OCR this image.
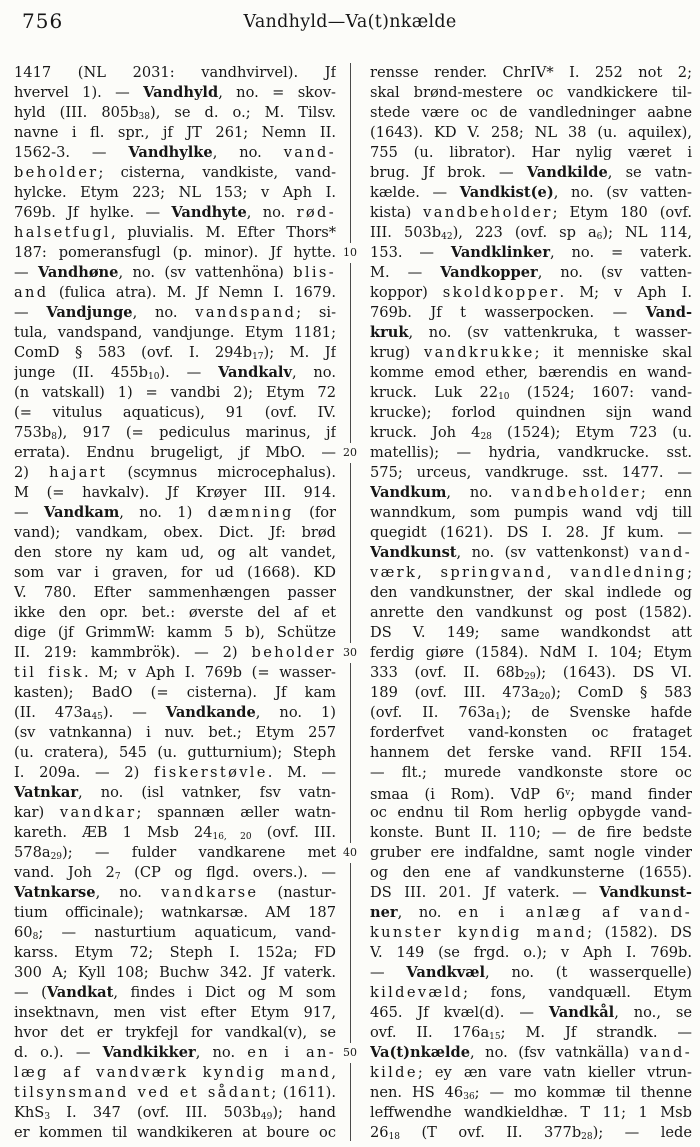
756	Vandhyld—Va(t)nkælde
1417 (NL 2031: vandhvirvel). Jf
hvervel 1). — Vandhyld, no. = skov-
hyld (III. 805b38), se d. o.; M. Tilsv.
navne i fl. spr., jf JT 261; Nemn II.
1562-3. — Vandhylke, no. vand-
beholder; cisterna, vandkiste, vand-
hylcke. Etym 223; NL 153; v Aph I.
769b. Jf hylke. — Vandhyte, no. rød-
halsetfugl, pluvialis. M. Efter Thors*
187: pomeransfugl (p. minor). Jf hytte.
— Vandhøne, no. (sv vattenhöna) blis-
and (fulica atra). M. Jf Nemn I. 1679.
— Vandjunge, no. vandspand; si-
tula, vandspand, vandjunge. Etym 1181;
ComD § 583 (ovf. I. 294b17); M. Jf
junge (II. 455b10). — Vandkalv, no.
(n vatskall) 1) = vandbi 2); Etym 72
(= vitulus aquaticus), 91 (ovf. IV.
753b8), 917 (= pediculus marinus, jf
errata). Endnu brugeligt, jf MbO. —
2) hajart (scymnus microcephalus).
M (= havkalv). Jf Krøyer III. 914.
— Vandkam, no. 1) dæmning (for
vand); vandkam, obex. Dict. Jf: brød
den store ny kam ud, og alt vandet,
som var i graven, for ud (1668). KD
V. 780. Efter sammenhængen passer
ikke den opr. bet.: øverste del af et
dige (jf GrimmW: kamm 5 b), Schütze
II. 219: kammbrök). — 2) beholder
til fisk. M; v Aph I. 769b (= wasser-
kasten); BadO (= cisterna). Jf kam
(II. 473a45). — Vandkande, no. 1)
(sv vatnkanna) i nuv. bet.; Etym 257
(u. cratera), 545 (u. gutturnium); Steph
I. 209a. — 2) fiskerstøvle. M. —
Vatnkar, no. (isl vatnker, fsv vatn-
kar) vandkar; spannæn æller watn-
kareth. ÆB 1 Msb 2416, 20 (ovf. III.
578a29); — fulder vandkarene met
vand. Joh 27 (CP og flgd. overs.). —
Vatnkarse, no. vandkarse (nastur-
tium officinale); watnkarsæ. AM 187
608; — nasturtium aquaticum, vand-
karss. Etym 72; Steph I. 152a; FD
300 A; Kyll 108; Buchw 342. Jf vaterk.
— (Vandkat, findes i Dict og M som
insektnavn, men vist efter Etym 917,
hvor det er trykfejl for vandkal(v), se
d. o.). — Vandkikker, no. en i an-
læg af vandværk kyndig mand,
tilsynsmand ved et sådant; (1611).
KhS3 I. 347 (ovf. III. 503b49); hand
er kommen til wandkikeren at boure oc
rensse render. ChrIV* I. 252 not 2;
skal brønd-mestere oc vandkickere til-
stede være oc de vandledninger aabne
(1643). KD V. 258; NL 38 (u. aquilex),
755 (u. librator). Har nylig været i
brug. Jf brok. — Vandkilde, se vatn-
kælde. — Vandkist(e), no. (sv vatten-
kista) vandbeholder; Etym 180 (ovf.
III. 503b42), 223 (ovf. sp a6); NL 114,
153. — Vandklinker, no. = vaterk.
M. — Vandkopper, no. (sv vatten-
koppor) skoldkopper. M; v Aph I.
769b. Jf t wasserpocken. — Vand-
kruk, no. (sv vattenkruka, t wasser-
krug) vandkrukke; it menniske skal
komme emod ether, bærendis en wand-
kruck. Luk 2210 (1524; 1607: vand-
krucke); forlod quindnen sijn wand
kruck. Joh 428 (1524); Etym 723 (u.
matellis); — hydria, vandkrucke. sst.
575; urceus, vandkruge. sst. 1477. —
Vandkum, no. vandbeholder; enn
wanndkum, som pumpis wand vdj till
quegidt (1621). DS I. 28. Jf kum. —
Vandkunst, no. (sv vattenkonst) vand-
værk, springvand, vandledning;
den vandkunstner, der skal indlede og
anrette den vandkunst og post (1582).
DS V. 149; same wandkondst att
ferdig giøre (1584). NdM I. 104; Etym
333 (ovf. II. 68b29); (1643). DS VI.
189 (ovf. III. 473a20); ComD § 583
(ovf. II. 763a1); de Svenske hafde
forderfvet vand-konsten oc frataget
hannem det ferske vand. RFII 154.
— flt.; murede vandkonste store oc
smaa (i Rom). VdP 6$^v$; mand finder
oc endnu til Rom herlig opbygde vand-
konste. Bunt II. 110; — de fire bedste
gruber ere indfaldne, samt nogle vinder
og den ene af vandkunsterne (1655).
DS III. 201. Jf vaterk. — Vandkunst-
ner, no. en i anlæg af vand-
kunster kyndig mand; (1582). DS
V. 149 (se frgd. o.); v Aph I. 769b.
— Vandkvæl, no. (t wasserquelle)
kildevæld; fons, vandquæll. Etym
465. Jf kvæl(d). — Vandkål, no., se
ovf. II. 176a15; M. Jf strandk. —
Va(t)nkælde, no. (fsv vatnkälla) vand-
kilde; ey æn vare vatn kieller vtrun-
nen. HS 4636; — mo kommæ til thenne
leffwendhe wandkieldhæ. T 11; 1 Msb
2618 (T ovf. II. 377b28); — lede
10
20
30
40
50
